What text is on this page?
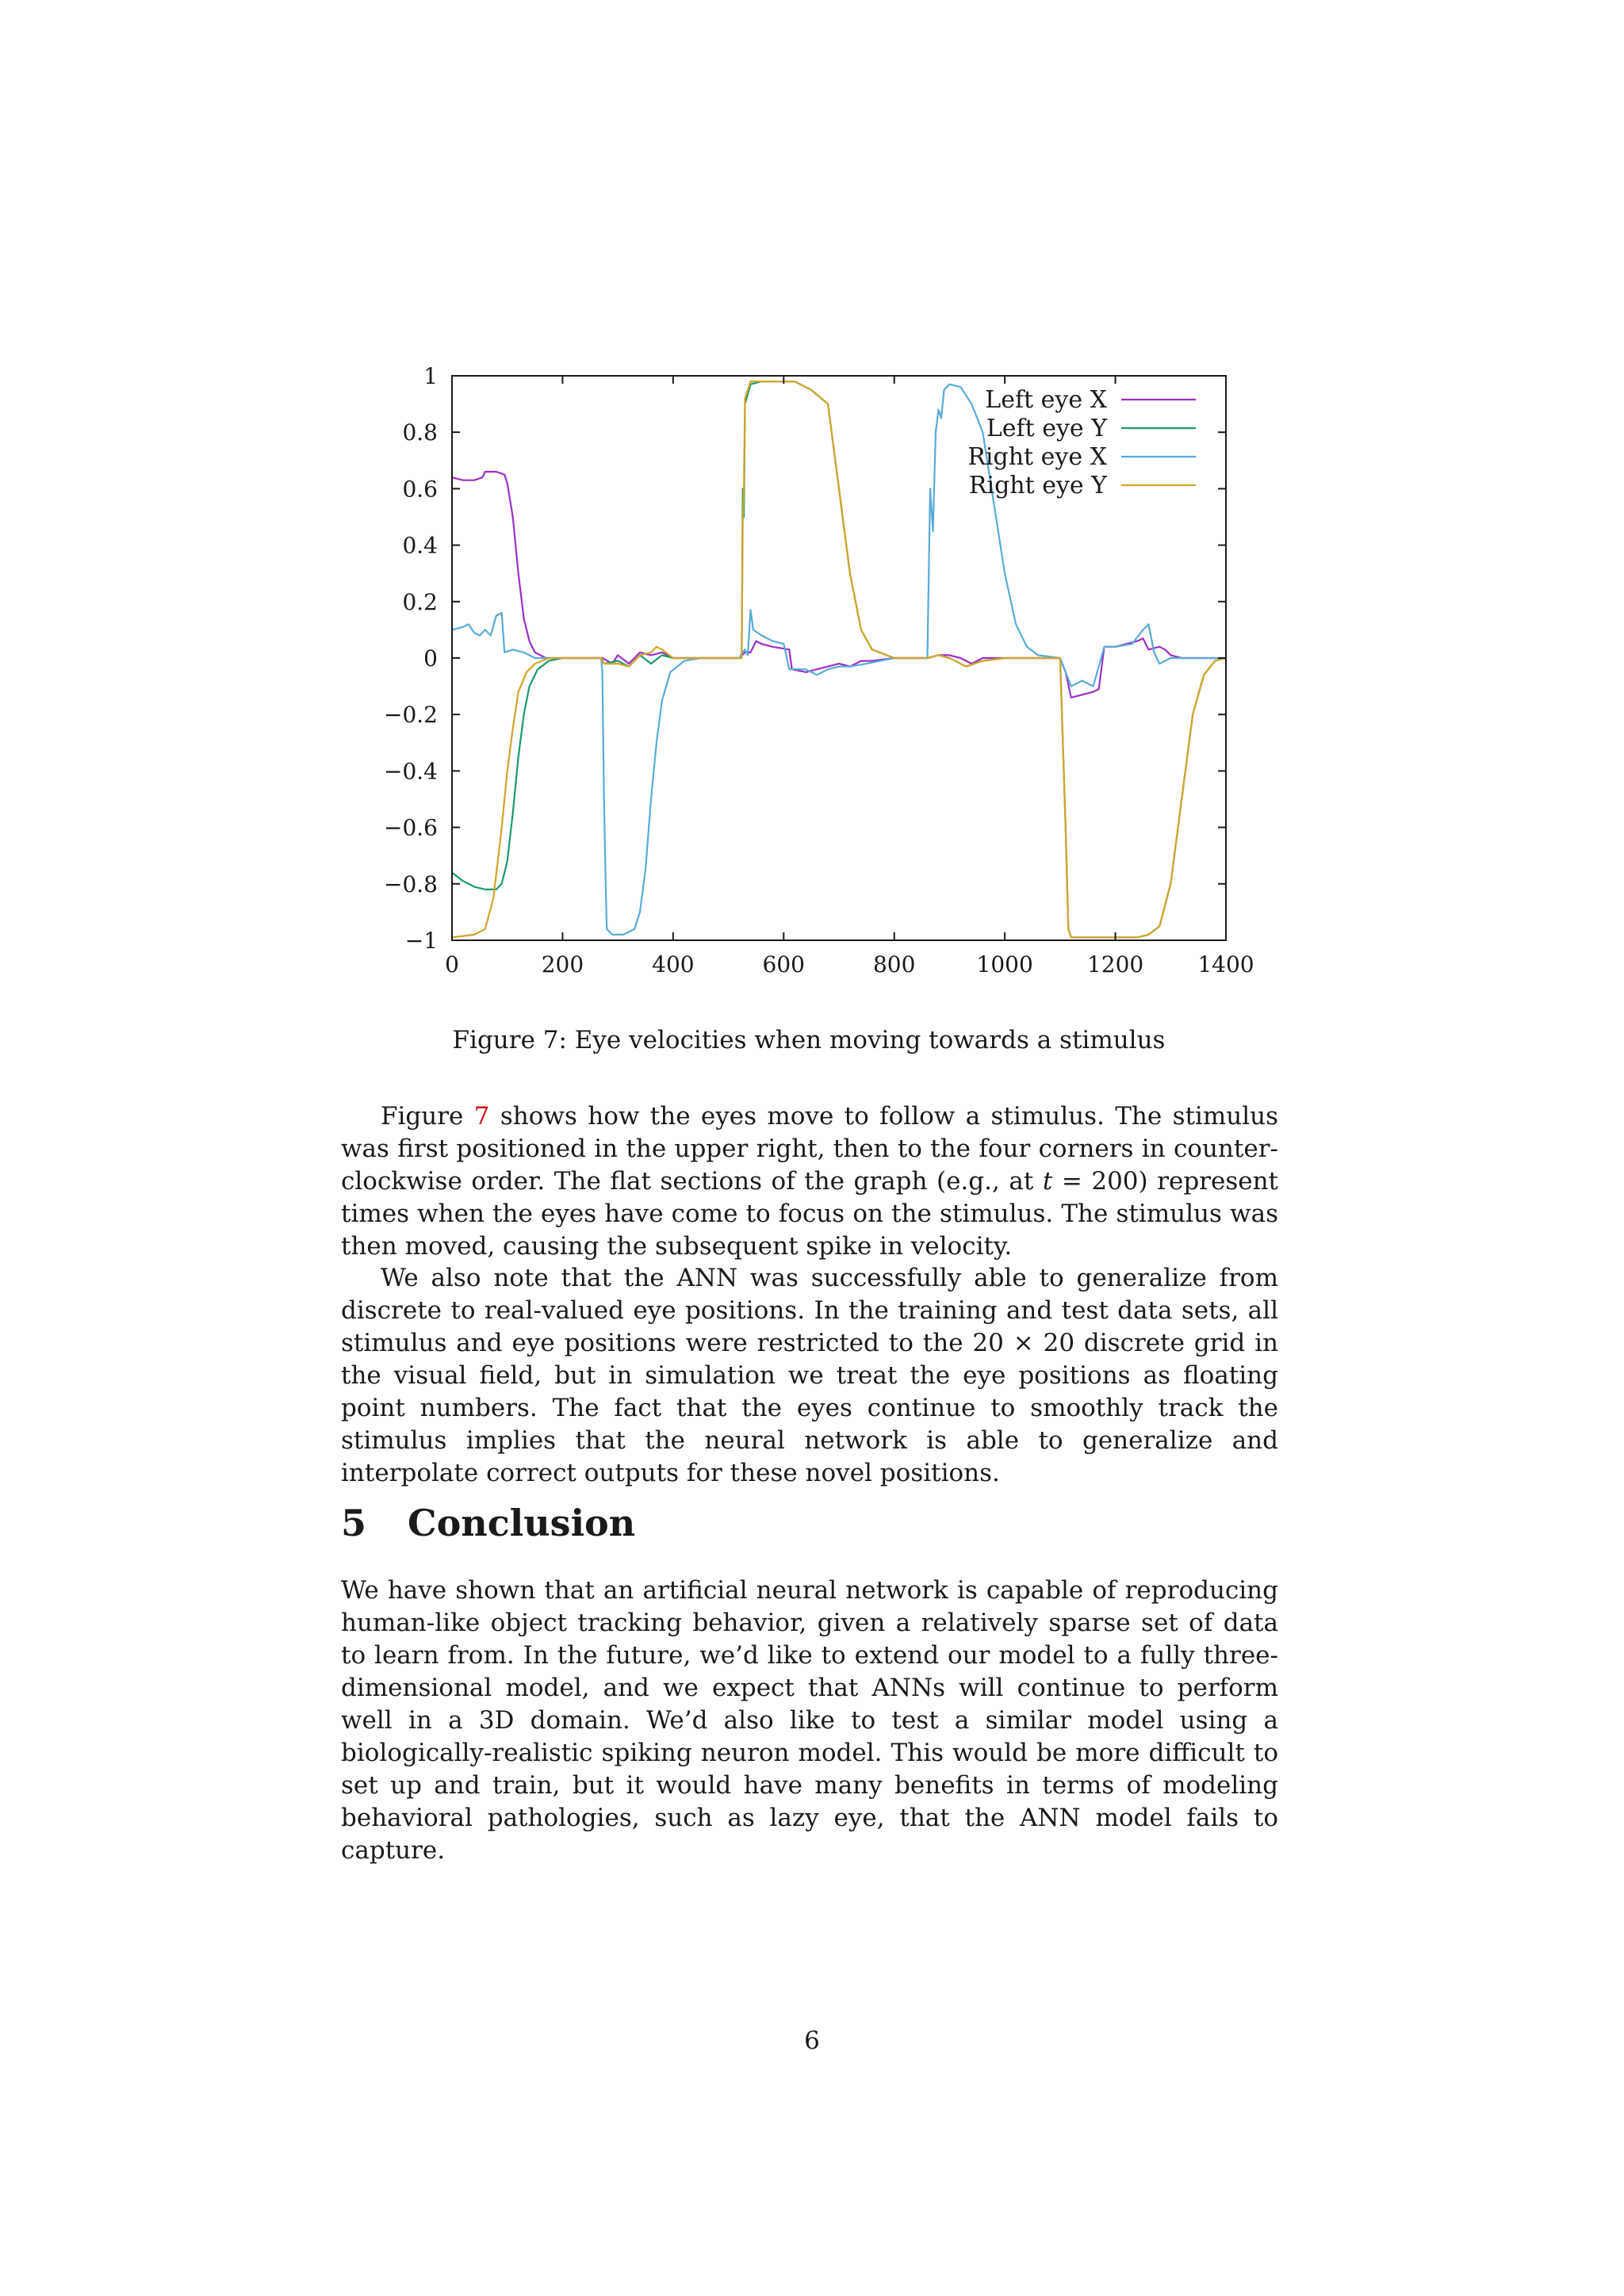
0	200	400	600	800	1000 1200 1400
−1
−0.8
−0.6
−0.4
−0.2
0
0.2
0.4
0.6
0.8
1
Left eye X
Left eye Y
Right eye X
Right eye Y
Figure 7: Eye velocities when moving towards a stimulus

Figure 7 shows how the eyes move to follow a stimulus. The stimulus was first positioned in the upper right, then to the four corners in counter-clockwise order. The flat sections of the graph (e.g., at t = 200) represent times when the eyes have come to focus on the stimulus. The stimulus was then moved, causing the subsequent spike in velocity.

We also note that the ANN was successfully able to generalize from discrete to real-valued eye positions. In the training and test data sets, all stimulus and eye positions were restricted to the 20 × 20 discrete grid in the visual field, but in simulation we treat the eye positions as floating point numbers. The fact that the eyes continue to smoothly track the stimulus implies that the neural network is able to generalize and interpolate correct outputs for these novel positions.

5 Conclusion

We have shown that an artificial neural network is capable of reproducing human-like object tracking behavior, given a relatively sparse set of data to learn from. In the future, we’d like to extend our model to a fully three-dimensional model, and we expect that ANNs will continue to perform well in a 3D domain. We’d also like to test a similar model using a biologically-realistic spiking neuron model. This would be more difficult to set up and train, but it would have many benefits in terms of modeling behavioral pathologies, such as lazy eye, that the ANN model fails to capture.

6
